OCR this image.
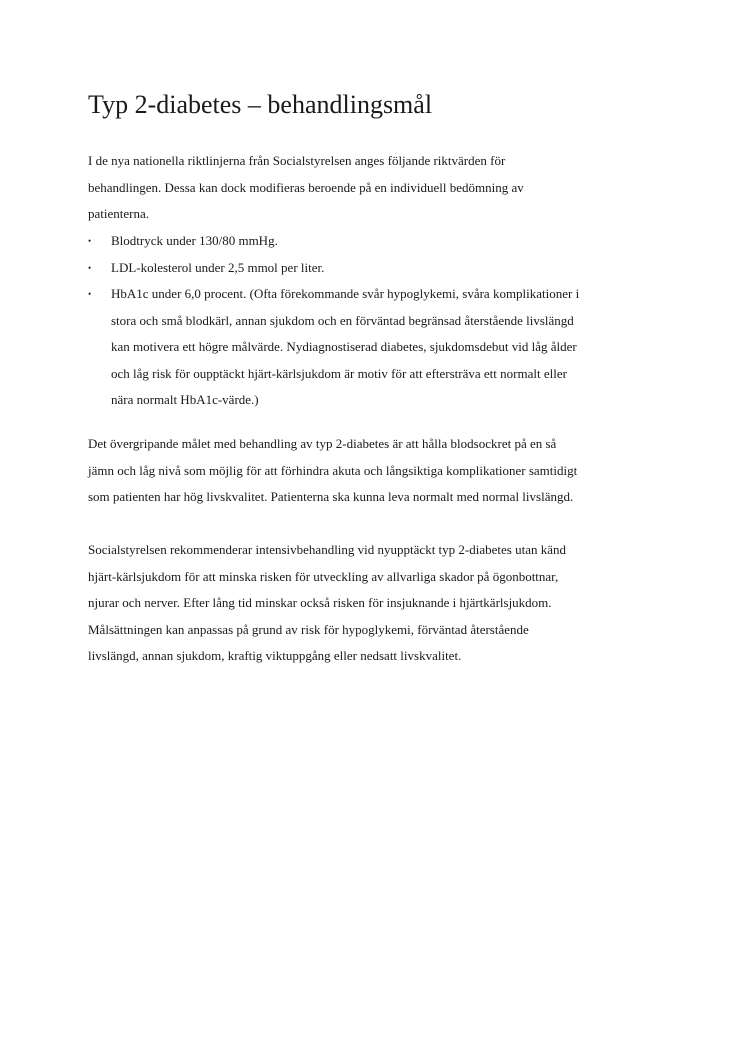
Typ 2-diabetes – behandlingsmål

I de nya nationella riktlinjerna från Socialstyrelsen anges följande riktvärden för
behandlingen. Dessa kan dock modifieras beroende på en individuell bedömning av
patienterna.

• Blodtryck under 130/80 mmHg.
• LDL-kolesterol under 2,5 mmol per liter.
• HbA1c under 6,0 procent. (Ofta förekommande svår hypoglykemi, svåra komplikationer i
stora och små blodkärl, annan sjukdom och en förväntad begränsad återstående livslängd
kan motivera ett högre målvärde. Nydiagnostiserad diabetes, sjukdomsdebut vid låg ålder
och låg risk för oupptäckt hjärt-kärlsjukdom är motiv för att eftersträva ett normalt eller
nära normalt HbA1c-värde.)

Det övergripande målet med behandling av typ 2-diabetes är att hålla blodsockret på en så
jämn och låg nivå som möjlig för att förhindra akuta och långsiktiga komplikationer samtidigt
som patienten har hög livskvalitet. Patienterna ska kunna leva normalt med normal livslängd.

Socialstyrelsen rekommenderar intensivbehandling vid nyupptäckt typ 2-diabetes utan känd
hjärt-kärlsjukdom för att minska risken för utveckling av allvarliga skador på ögonbottnar,
njurar och nerver. Efter lång tid minskar också risken för insjuknande i hjärtkärlsjukdom.
Målsättningen kan anpassas på grund av risk för hypoglykemi, förväntad återstående
livslängd, annan sjukdom, kraftig viktuppgång eller nedsatt livskvalitet.
